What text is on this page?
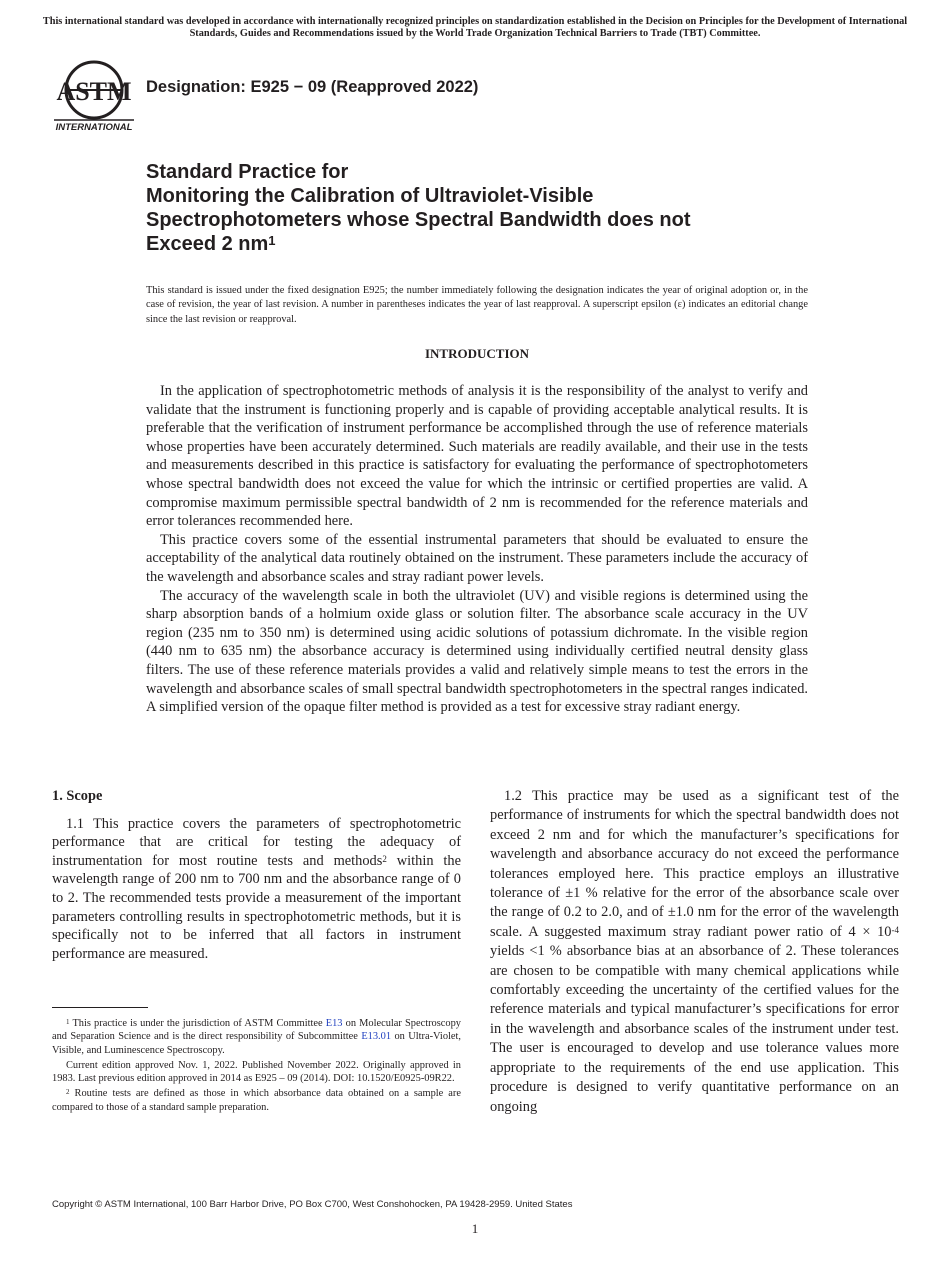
This international standard was developed in accordance with internationally recognized principles on standardization established in the Decision on Principles for the Development of International Standards, Guides and Recommendations issued by the World Trade Organization Technical Barriers to Trade (TBT) Committee.
ASTM
INTERNATIONAL
Designation: E925 − 09 (Reapproved 2022)
Standard Practice for
Monitoring the Calibration of Ultraviolet-Visible
Spectrophotometers whose Spectral Bandwidth does not
Exceed 2 $nm^1$
This standard is issued under the fixed designation E925; the number immediately following the designation indicates the year of original adoption or, in the case of revision, the year of last revision. A number in parentheses indicates the year of last reapproval. A superscript epsilon (ε) indicates an editorial change since the last revision or reapproval.
INTRODUCTION

In the application of spectrophotometric methods of analysis it is the responsibility of the analyst to verify and validate that the instrument is functioning properly and is capable of providing acceptable analytical results. It is preferable that the verification of instrument performance be accomplished through the use of reference materials whose properties have been accurately determined. Such materials are readily available, and their use in the tests and measurements described in this practice is satisfactory for evaluating the performance of spectrophotometers whose spectral bandwidth does not exceed the value for which the intrinsic or certified properties are valid. A compromise maximum permissible spectral bandwidth of 2 nm is recommended for the reference materials and error tolerances recommended here.

This practice covers some of the essential instrumental parameters that should be evaluated to ensure the acceptability of the analytical data routinely obtained on the instrument. These parameters include the accuracy of the wavelength and absorbance scales and stray radiant power levels.

The accuracy of the wavelength scale in both the ultraviolet (UV) and visible regions is determined using the sharp absorption bands of a holmium oxide glass or solution filter. The absorbance scale accuracy in the UV region (235 nm to 350 nm) is determined using acidic solutions of potassium dichromate. In the visible region (440 nm to 635 nm) the absorbance accuracy is determined using individually certified neutral density glass filters. The use of these reference materials provides a valid and relatively simple means to test the errors in the wavelength and absorbance scales of small spectral bandwidth spectrophotometers in the spectral ranges indicated. A simplified version of the opaque filter method is provided as a test for excessive stray radiant energy.

1. Scope

1.1 This practice covers the parameters of spectrophotometric performance that are critical for testing the adequacy of instrumentation for most routine tests and methods$^2$ within the wavelength range of 200 nm to 700 nm and the absorbance range of 0 to 2. The recommended tests provide a measurement of the important parameters controlling results in spectrophotometric methods, but it is specifically not to be inferred that all factors in instrument performance are measured.

1.2 This practice may be used as a significant test of the performance of instruments for which the spectral bandwidth does not exceed 2 nm and for which the manufacturer’s specifications for wavelength and absorbance accuracy do not exceed the performance tolerances employed here. This practice employs an illustrative tolerance of ±1 % relative for the error of the absorbance scale over the range of 0.2 to 2.0, and of ±1.0 nm for the error of the wavelength scale. A suggested maximum stray radiant power ratio of 4 × 10$^{-4}$ yields <1 % absorbance bias at an absorbance of 2. These tolerances are chosen to be compatible with many chemical applications while comfortably exceeding the uncertainty of the certified values for the reference materials and typical manufacturer’s specifications for error in the wavelength and absorbance scales of the instrument under test. The user is encouraged to develop and use tolerance values more appropriate to the requirements of the end use application. This procedure is designed to verify quantitative performance on an ongoing

$^1$ This practice is under the jurisdiction of ASTM Committee E13 on Molecular Spectroscopy and Separation Science and is the direct responsibility of Subcommittee E13.01 on Ultra-Violet, Visible, and Luminescence Spectroscopy.

Current edition approved Nov. 1, 2022. Published November 2022. Originally approved in 1983. Last previous edition approved in 2014 as E925 – 09 (2014). DOI: 10.1520/E0925-09R22.

$^2$ Routine tests are defined as those in which absorbance data obtained on a sample are compared to those of a standard sample preparation.

Copyright © ASTM International, 100 Barr Harbor Drive, PO Box C700, West Conshohocken, PA 19428-2959. United States
1
